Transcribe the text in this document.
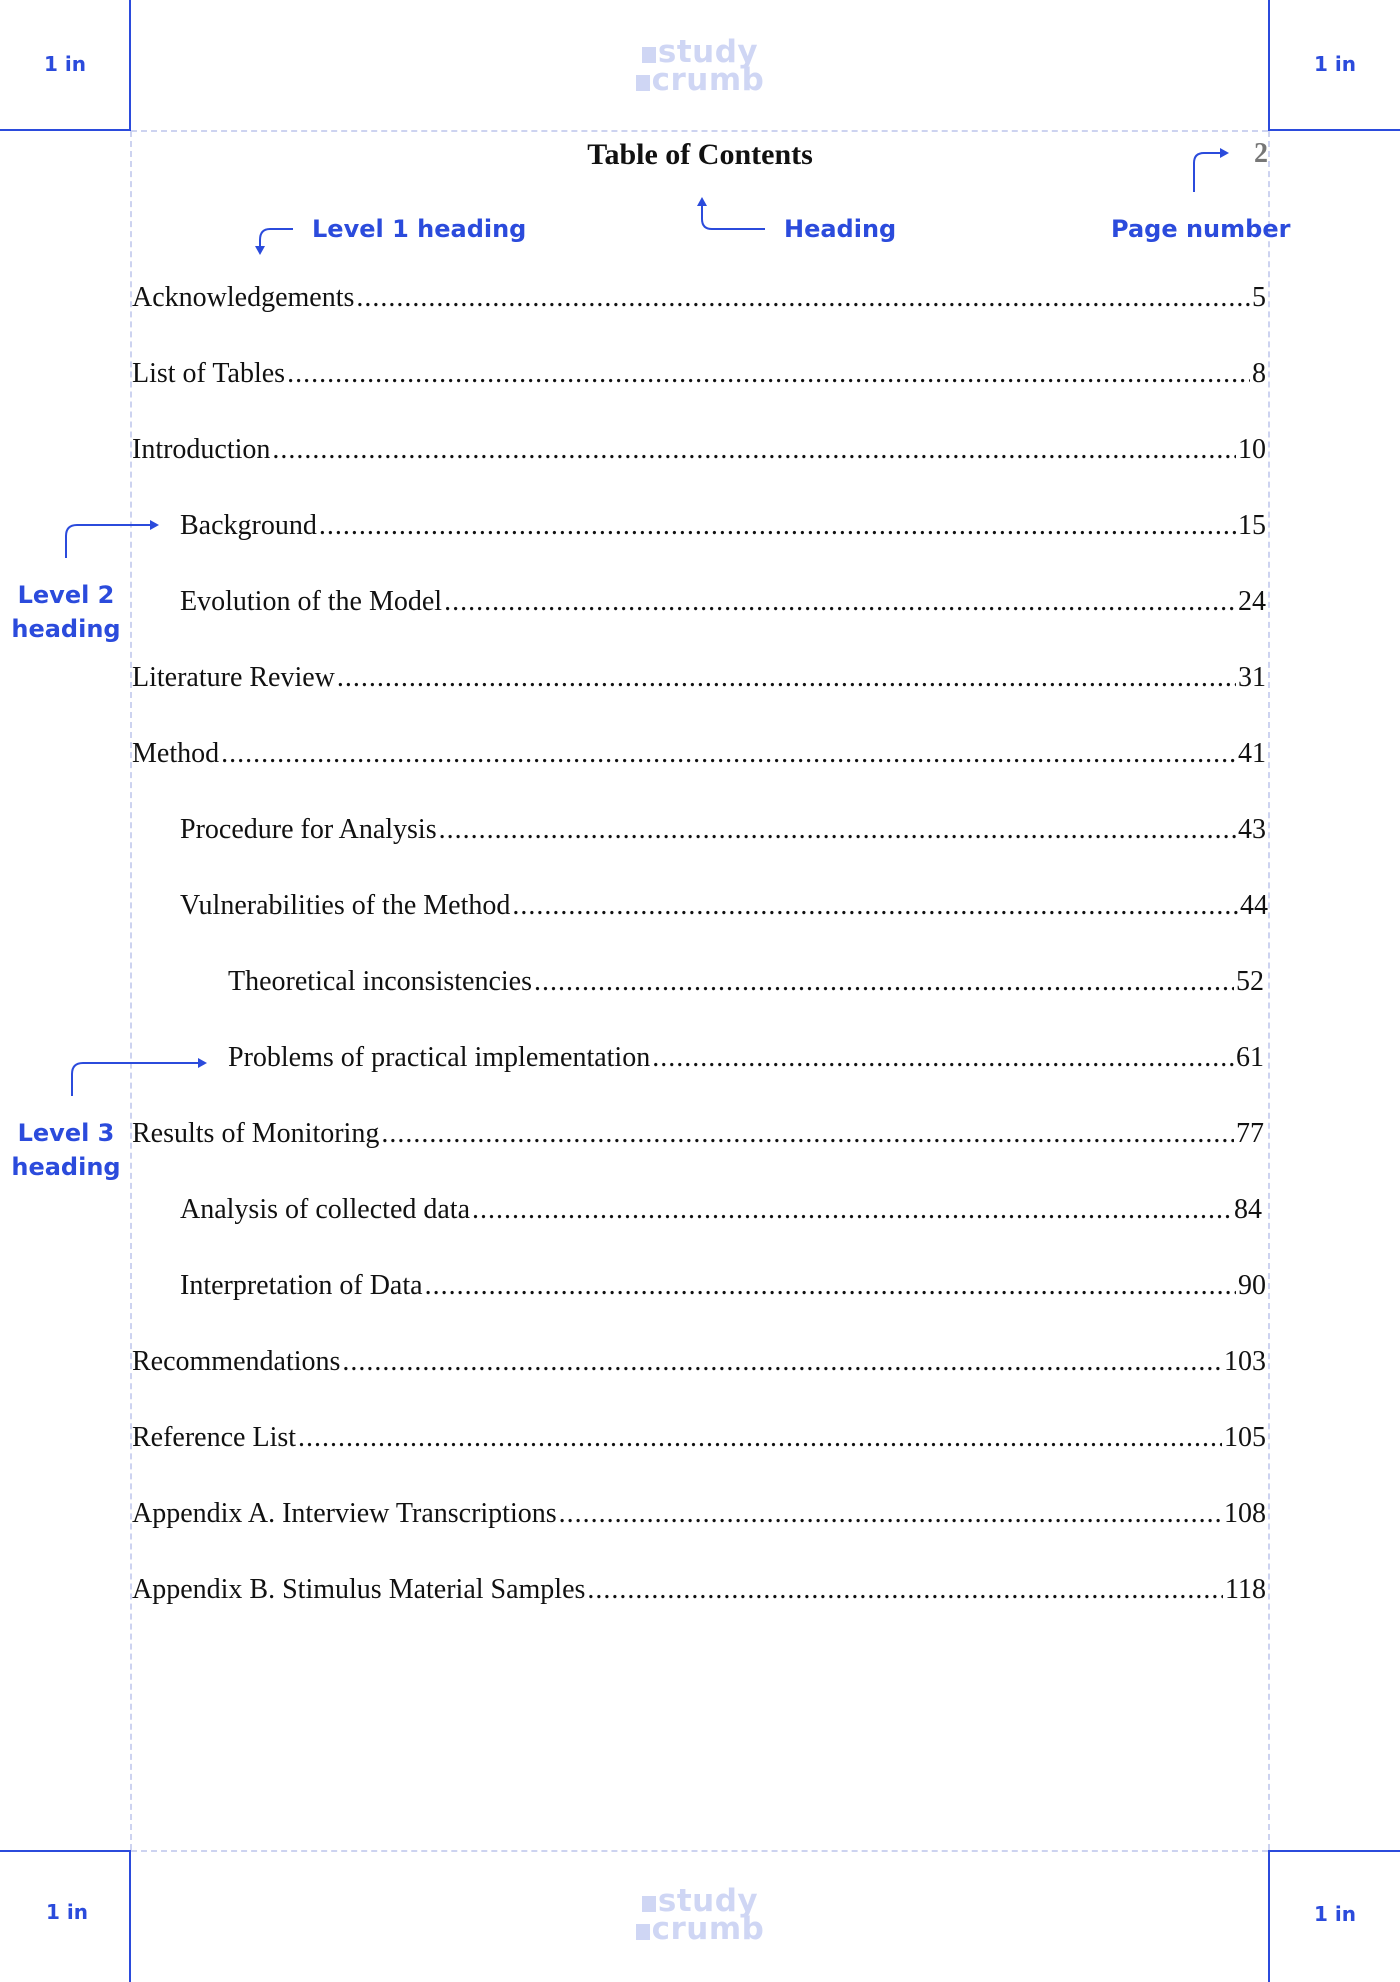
1 in	1 in
1 in	1 in
study
crumb
study
crumb
Table of Contents	2
Level 1 heading	Heading	Page number
Level 2
heading
Level 3
heading
Acknowledgements .....	5
List of Tables .....	8
Introduction .....	10
Background .....	15
Evolution of the Model .....	24
Literature Review .....	31
Method .....	41
Procedure for Analysis .....	43
Vulnerabilities of the Method .....	44
Theoretical inconsistencies .....	52
Problems of practical implementation .....	61
Results of Monitoring .....	77
Analysis of collected data .....	84
Interpretation of Data .....	90
Recommendations .....	103
Reference List .....	105
Appendix A. Interview Transcriptions .....	108
Appendix B. Stimulus Material Samples .....	118
